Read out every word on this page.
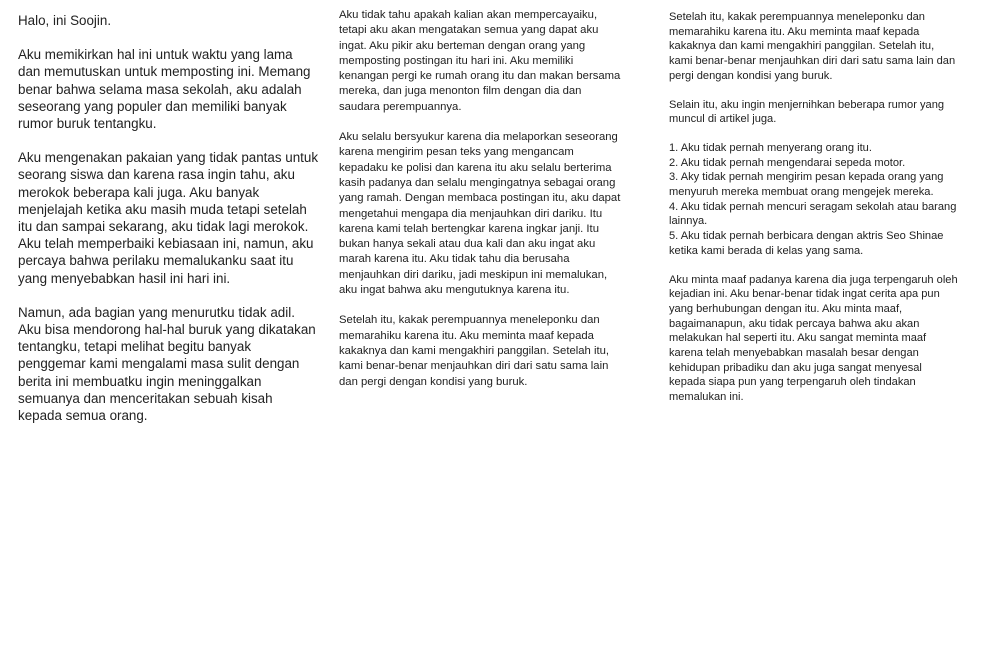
Halo, ini Soojin.

Aku memikirkan hal ini untuk waktu yang lama dan memutuskan untuk memposting ini. Memang benar bahwa selama masa sekolah, aku adalah seseorang yang populer dan memiliki banyak rumor buruk tentangku.

Aku mengenakan pakaian yang tidak pantas untuk seorang siswa dan karena rasa ingin tahu, aku merokok beberapa kali juga. Aku banyak menjelajah ketika aku masih muda tetapi setelah itu dan sampai sekarang, aku tidak lagi merokok. Aku telah memperbaiki kebiasaan ini, namun, aku percaya bahwa perilaku memalukanku saat itu yang menyebabkan hasil ini hari ini.

Namun, ada bagian yang menurutku tidak adil. Aku bisa mendorong hal-hal buruk yang dikatakan tentangku, tetapi melihat begitu banyak penggemar kami mengalami masa sulit dengan berita ini membuatku ingin meninggalkan semuanya dan menceritakan sebuah kisah kepada semua orang.

Aku tidak tahu apakah kalian akan mempercayaiku, tetapi aku akan mengatakan semua yang dapat aku ingat. Aku pikir aku berteman dengan orang yang memposting postingan itu hari ini. Aku memiliki kenangan pergi ke rumah orang itu dan makan bersama mereka, dan juga menonton film dengan dia dan saudara perempuannya.

Aku selalu bersyukur karena dia melaporkan seseorang karena mengirim pesan teks yang mengancam kepadaku ke polisi dan karena itu aku selalu berterima kasih padanya dan selalu mengingatnya sebagai orang yang ramah. Dengan membaca postingan itu, aku dapat mengetahui mengapa dia menjauhkan diri dariku. Itu karena kami telah bertengkar karena ingkar janji. Itu bukan hanya sekali atau dua kali dan aku ingat aku marah karena itu. Aku tidak tahu dia berusaha menjauhkan diri dariku, jadi meskipun ini memalukan, aku ingat bahwa aku mengutuknya karena itu.

Setelah itu, kakak perempuannya meneleponku dan memarahiku karena itu. Aku meminta maaf kepada kakaknya dan kami mengakhiri panggilan. Setelah itu, kami benar-benar menjauhkan diri dari satu sama lain dan pergi dengan kondisi yang buruk.

Setelah itu, kakak perempuannya meneleponku dan memarahiku karena itu. Aku meminta maaf kepada kakaknya dan kami mengakhiri panggilan. Setelah itu, kami benar-benar menjauhkan diri dari satu sama lain dan pergi dengan kondisi yang buruk.

Selain itu, aku ingin menjernihkan beberapa rumor yang muncul di artikel juga.

1. Aku tidak pernah menyerang orang itu.
2. Aku tidak pernah mengendarai sepeda motor.
3. Aky tidak pernah mengirim pesan kepada orang yang menyuruh mereka membuat orang mengejek mereka.
4. Aku tidak pernah mencuri seragam sekolah atau barang lainnya.
5. Aku tidak pernah berbicara dengan aktris Seo Shinae ketika kami berada di kelas yang sama.

Aku minta maaf padanya karena dia juga terpengaruh oleh kejadian ini. Aku benar-benar tidak ingat cerita apa pun yang berhubungan dengan itu. Aku minta maaf, bagaimanapun, aku tidak percaya bahwa aku akan melakukan hal seperti itu. Aku sangat meminta maaf karena telah menyebabkan masalah besar dengan kehidupan pribadiku dan aku juga sangat menyesal kepada siapa pun yang terpengaruh oleh tindakan memalukan ini.
